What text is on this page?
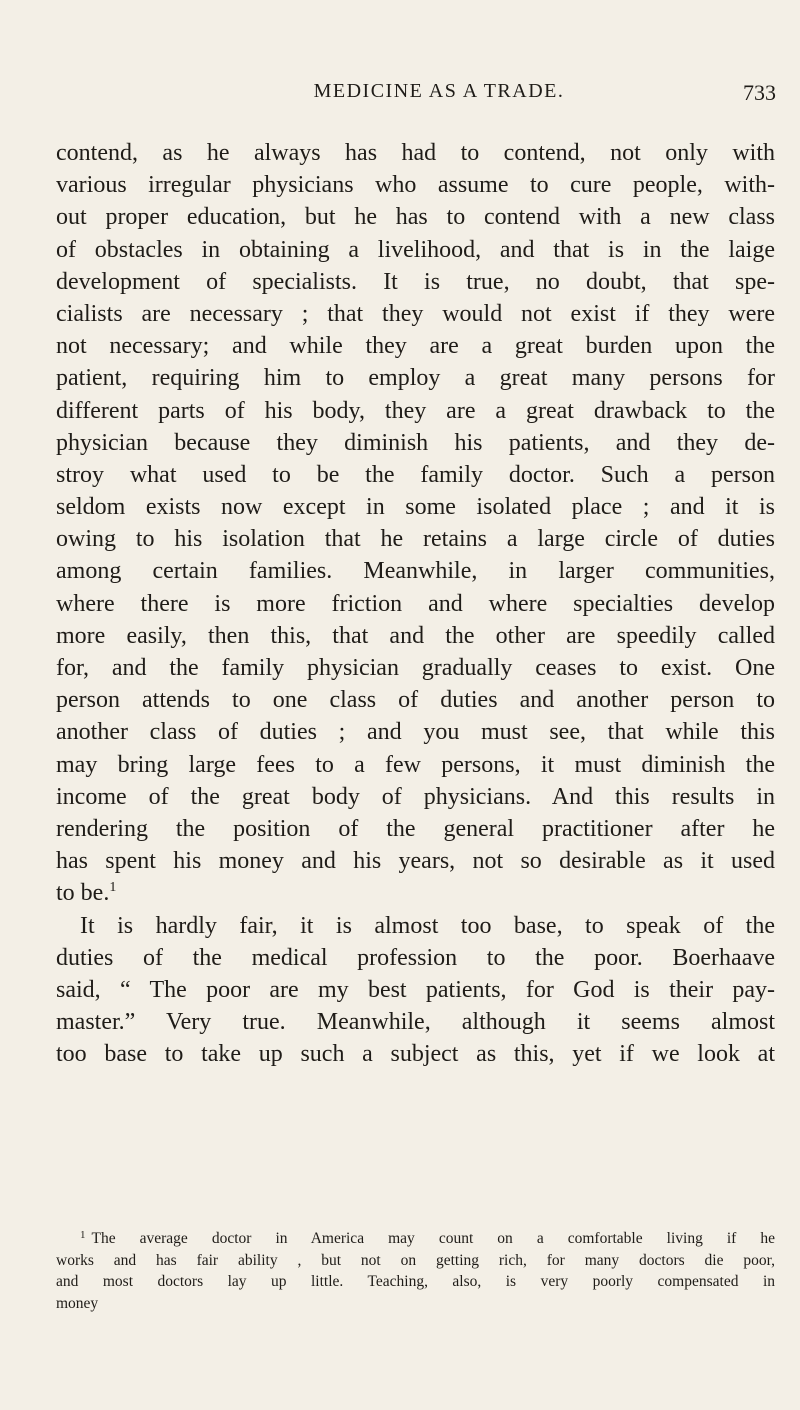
MEDICINE AS A TRADE.	733
contend, as he always has had to contend, not only with
various irregular physicians who assume to cure people, with-
out proper education, but he has to contend with a new class
of obstacles in obtaining a livelihood, and that is in the laige
development of specialists. It is true, no doubt, that spe-
cialists are necessary ; that they would not exist if they were
not necessary; and while they are a great burden upon the
patient, requiring him to employ a great many persons for
different parts of his body, they are a great drawback to the
physician because they diminish his patients, and they de-
stroy what used to be the family doctor. Such a person
seldom exists now except in some isolated place ; and it is
owing to his isolation that he retains a large circle of duties
among certain families. Meanwhile, in larger communities,
where there is more friction and where specialties develop
more easily, then this, that and the other are speedily called
for, and the family physician gradually ceases to exist. One
person attends to one class of duties and another person to
another class of duties ; and you must see, that while this
may bring large fees to a few persons, it must diminish the
income of the great body of physicians. And this results in
rendering the position of the general practitioner after he
has spent his money and his years, not so desirable as it used
to be.$^1$
It is hardly fair, it is almost too base, to speak of the
duties of the medical profession to the poor. Boerhaave
said, “ The poor are my best patients, for God is their pay-
master.” Very true. Meanwhile, although it seems almost
too base to take up such a subject as this, yet if we look at
$^1$ The average doctor in America may count on a comfortable living if he
works and has fair ability , but not on getting rich, for many doctors die poor,
and most doctors lay up little. Teaching, also, is very poorly compensated in
money
